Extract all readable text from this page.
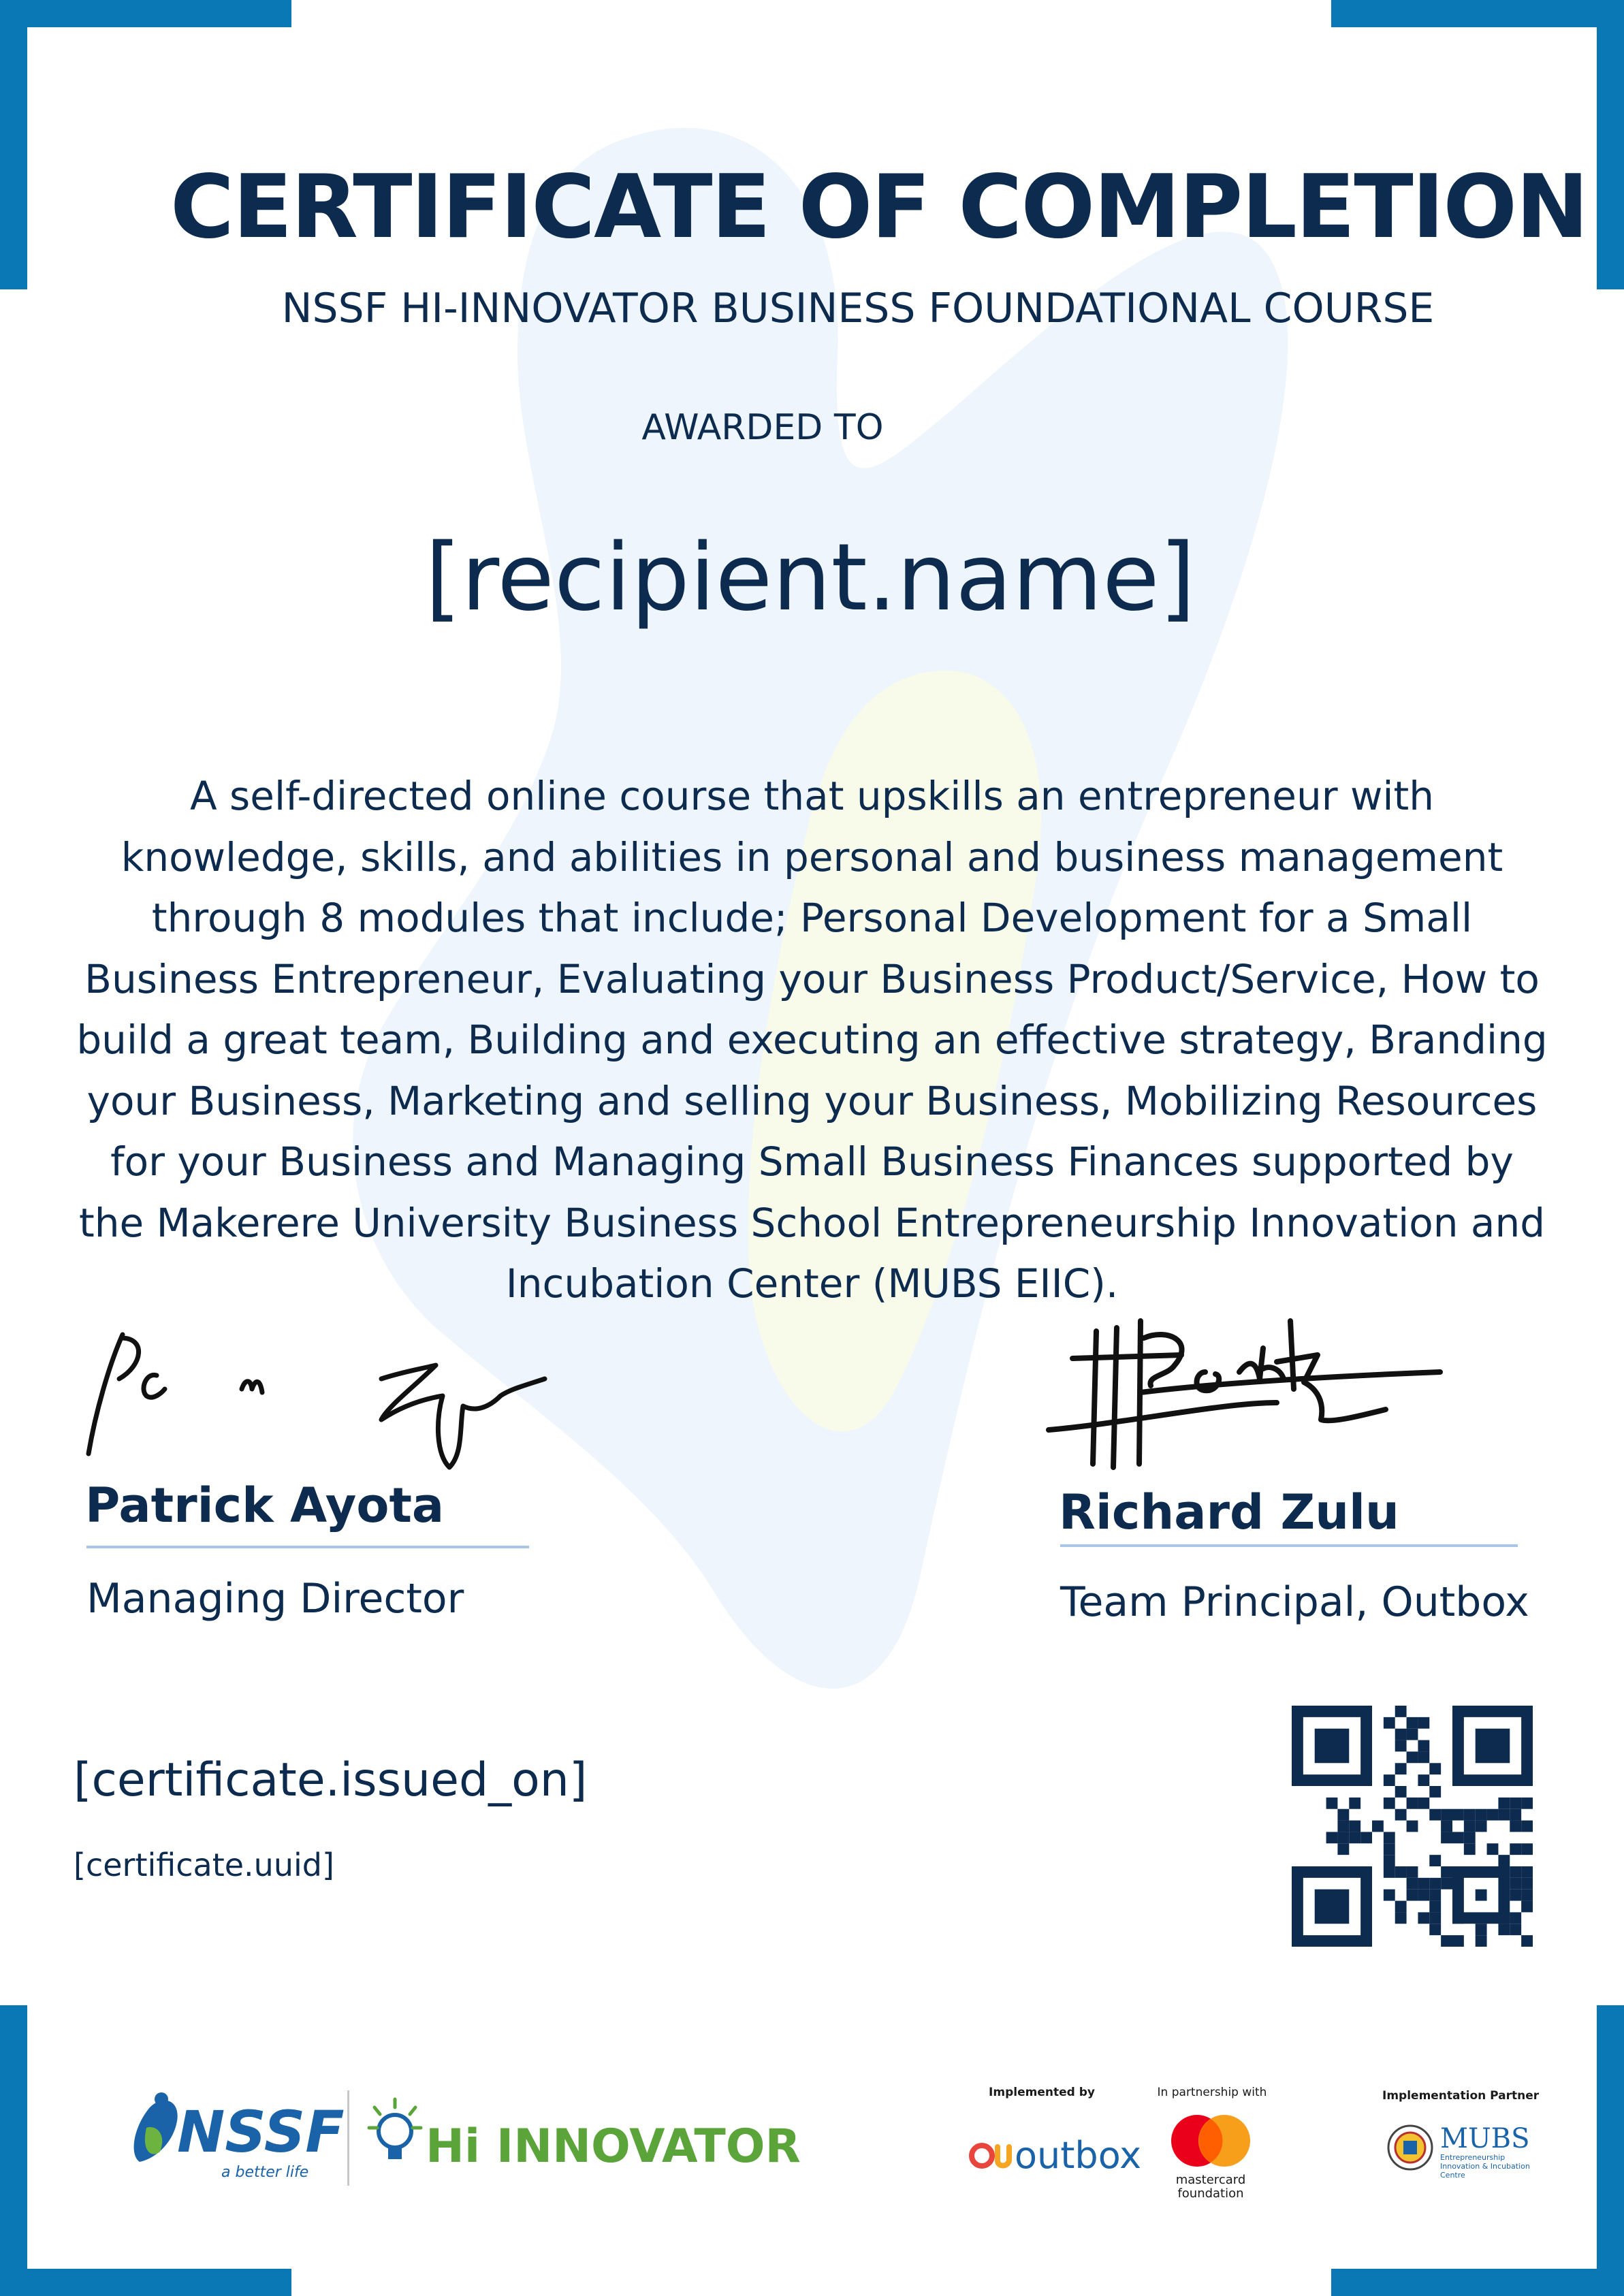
CERTIFICATE OF COMPLETION
NSSF HI-INNOVATOR BUSINESS FOUNDATIONAL COURSE
AWARDED TO
[recipient.name]
A self-directed online course that upskills an entrepreneur with knowledge, skills, and abilities in personal and business management through 8 modules that include; Personal Development for a Small Business Entrepreneur, Evaluating your Business Product/Service, How to build a great team, Building and executing an effective strategy, Branding your Business, Marketing and selling your Business, Mobilizing Resources for your Business and Managing Small Business Finances supported by the Makerere University Business School Entrepreneurship Innovation and Incubation Center (MUBS EIIC).
Patrick Ayota
Managing Director
Richard Zulu
Team Principal, Outbox
[certificate.issued_on]
[certificate.uuid]
NSSF
a better life	Hi INNOVATOR
Implemented by
outbox
In partnership with
mastercard foundation
Implementation Partner
MUBS
Entrepreneurship Innovation & Incubation Centre
